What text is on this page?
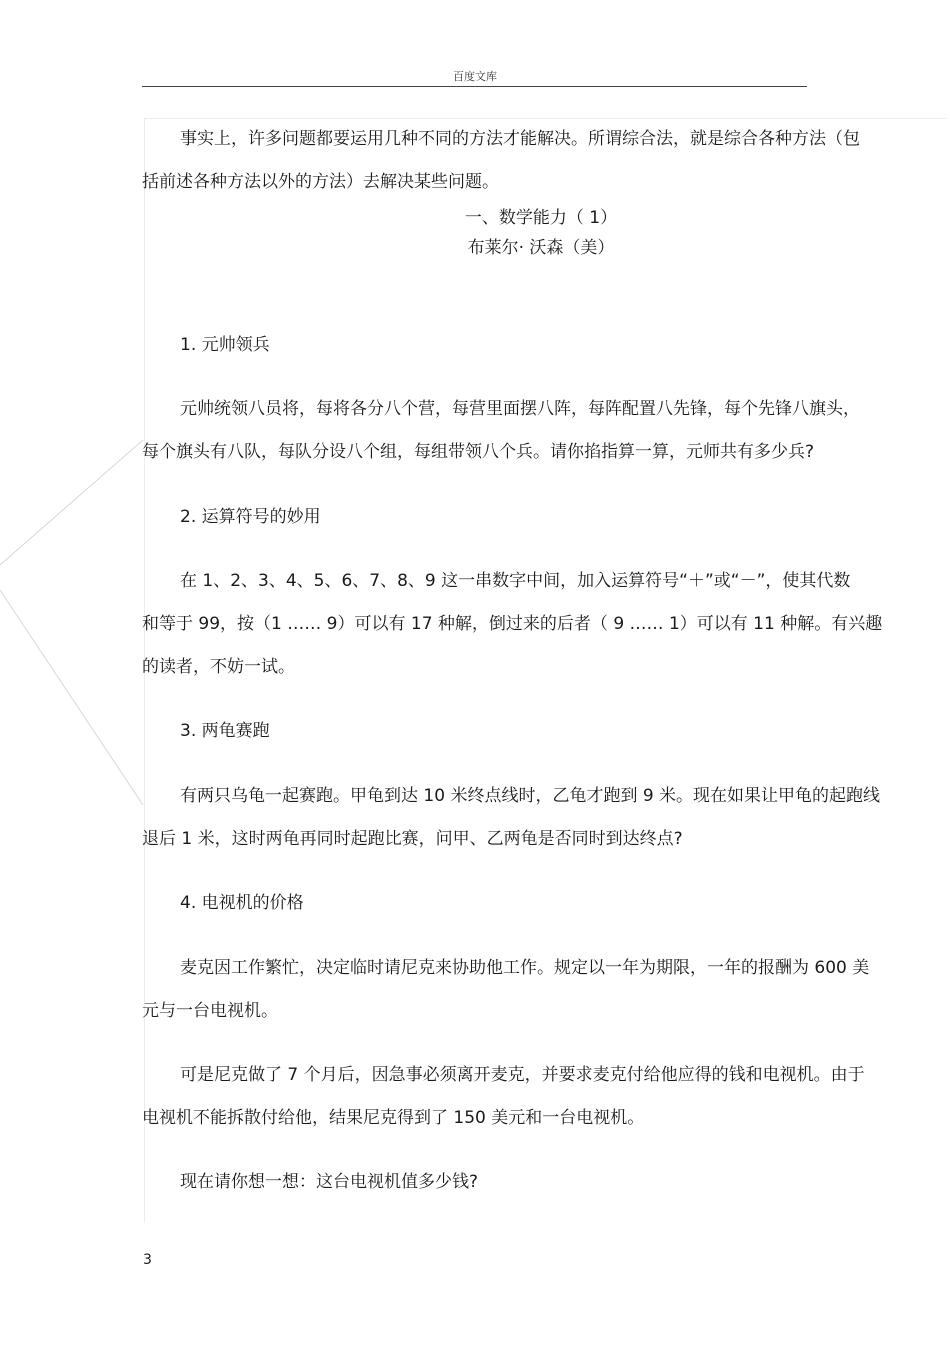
百度文库

事实上，许多问题都要运用几种不同的方法才能解决。所谓综合法，就是综合各种方法（包
括前述各种方法以外的方法）去解决某些问题。

一、数学能力（ 1）
布莱尔· 沃森（美）

1. 元帅领兵

元帅统领八员将，每将各分八个营，每营里面摆八阵，每阵配置八先锋，每个先锋八旗头，
每个旗头有八队，每队分设八个组，每组带领八个兵。请你掐指算一算，元师共有多少兵?

2. 运算符号的妙用

在 1、2、3、4、5、6、7、8、9 这一串数字中间，加入运算符号“＋”或“－”，使其代数
和等于 99，按（1 …… 9）可以有 17 种解，倒过来的后者（ 9 …… 1）可以有 11 种解。有兴趣
的读者，不妨一试。

3. 两龟赛跑

有两只乌龟一起赛跑。甲龟到达 10 米终点线时，乙龟才跑到 9 米。现在如果让甲龟的起跑线
退后 1 米，这时两龟再同时起跑比赛，问甲、乙两龟是否同时到达终点?

4. 电视机的价格

麦克因工作繁忙，决定临时请尼克来协助他工作。规定以一年为期限，一年的报酬为 600 美
元与一台电视机。

可是尼克做了 7 个月后，因急事必须离开麦克，并要求麦克付给他应得的钱和电视机。由于
电视机不能拆散付给他，结果尼克得到了 150 美元和一台电视机。

现在请你想一想：这台电视机值多少钱?

3
